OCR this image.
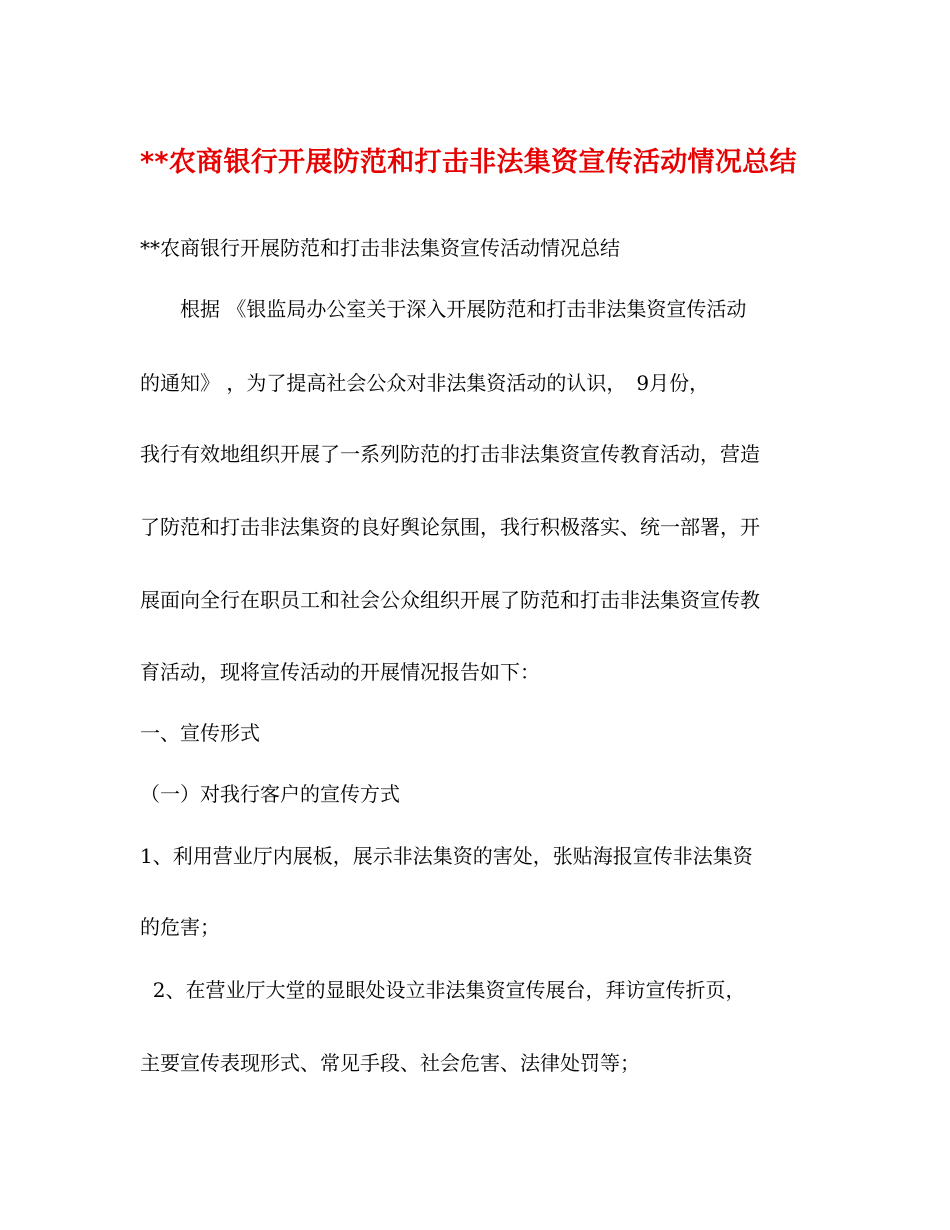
**农商银行开展防范和打击非法集资宣传活动情况总结
**农商银行开展防范和打击非法集资宣传活动情况总结
　　根据 《银监局办公室关于深入开展防范和打击非法集资宣传活动
的通知》 ，为了提高社会公众对非法集资活动的认识，　9月份，
我行有效地组织开展了一系列防范的打击非法集资宣传教育活动，营造
了防范和打击非法集资的良好舆论氛围，我行积极落实、统一部署，开
展面向全行在职员工和社会公众组织开展了防范和打击非法集资宣传教
育活动，现将宣传活动的开展情况报告如下：
一、宣传形式
（一）对我行客户的宣传方式
1、利用营业厅内展板，展示非法集资的害处，张贴海报宣传非法集资
的危害；
2、在营业厅大堂的显眼处设立非法集资宣传展台，拜访宣传折页，
主要宣传表现形式、常见手段、社会危害、法律处罚等；
